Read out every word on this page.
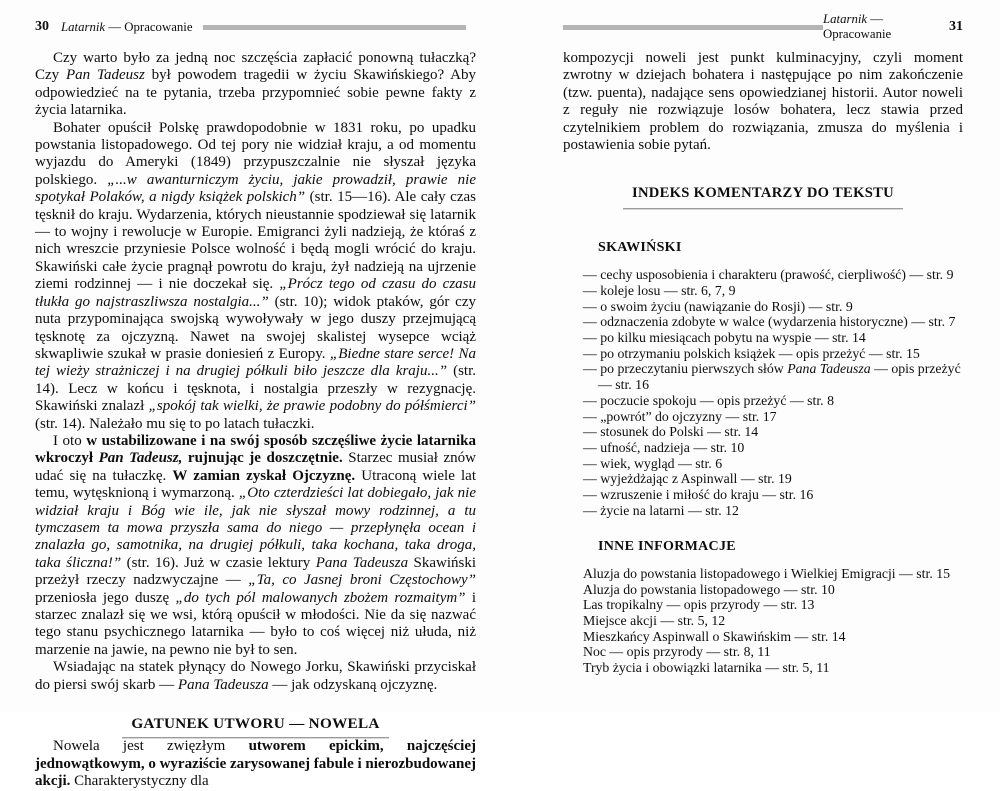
30 Latarnik — Opracowanie

Czy warto było za jedną noc szczęścia zapłacić ponowną tułaczką? Czy Pan Tadeusz był powodem tragedii w życiu Skawińskiego? Aby odpowiedzieć na te pytania, trzeba przypomnieć sobie pewne fakty z życia latarnika.

Bohater opuścił Polskę prawdopodobnie w 1831 roku, po upadku powstania listopadowego. Od tej pory nie widział kraju, a od momentu wyjazdu do Ameryki (1849) przypuszczalnie nie słyszał języka polskiego. „...w awanturniczym życiu, jakie prowadził, prawie nie spotykał Polaków, a nigdy książek polskich” (str. 15—16). Ale cały czas tęsknił do kraju. Wydarzenia, których nieustannie spodziewał się latarnik — to wojny i rewolucje w Europie. Emigranci żyli nadzieją, że któraś z nich wreszcie przyniesie Polsce wolność i będą mogli wrócić do kraju. Skawiński całe życie pragnął powrotu do kraju, żył nadzieją na ujrzenie ziemi rodzinnej — i nie doczekał się. „Prócz tego od czasu do czasu tłukła go najstraszliwsza nostalgia...” (str. 10); widok ptaków, gór czy nuta przypominająca swojską wywoływały w jego duszy przejmującą tęsknotę za ojczyzną. Nawet na swojej skalistej wysepce wciąż skwapliwie szukał w prasie doniesień z Europy. „Biedne stare serce! Na tej wieży strażniczej i na drugiej półkuli biło jeszcze dla kraju...” (str. 14). Lecz w końcu i tęsknota, i nostalgia przeszły w rezygnację. Skawiński znalazł „spokój tak wielki, że prawie podobny do półśmierci” (str. 14). Należało mu się to po latach tułaczki.

I oto w ustabilizowane i na swój sposób szczęśliwe życie latarnika wkroczył Pan Tadeusz, rujnując je doszczętnie. Starzec musiał znów udać się na tułaczkę. W zamian zyskał Ojczyznę. Utraconą wiele lat temu, wytęsknioną i wymarzoną. „Oto czterdzieści lat dobiegało, jak nie widział kraju i Bóg wie ile, jak nie słyszał mowy rodzinnej, a tu tymczasem ta mowa przyszła sama do niego — przepłynęła ocean i znalazła go, samotnika, na drugiej półkuli, taka kochana, taka droga, taka śliczna!” (str. 16). Już w czasie lektury Pana Tadeusza Skawiński przeżył rzeczy nadzwyczajne — „Ta, co Jasnej broni Częstochowy” przeniosła jego duszę „do tych pól malowanych zbożem rozmaitym” i starzec znalazł się we wsi, którą opuścił w młodości. Nie da się nazwać tego stanu psychicznego latarnika — było to coś więcej niż ułuda, niż marzenie na jawie, na pewno nie był to sen.

Wsiadając na statek płynący do Nowego Jorku, Skawiński przyciskał do piersi swój skarb — Pana Tadeusza — jak odzyskaną ojczyznę.

GATUNEK UTWORU — NOWELA

Nowela jest zwięzłym utworem epickim, najczęściej jednowątkowym, o wyraziście zarysowanej fabule i nierozbudowanej akcji. Charakterystyczny dla

Latarnik — Opracowanie	31

kompozycji noweli jest punkt kulminacyjny, czyli moment zwrotny w dziejach bohatera i następujące po nim zakończenie (tzw. puenta), nadające sens opowiedzianej historii. Autor noweli z reguły nie rozwiązuje losów bohatera, lecz stawia przed czytelnikiem problem do rozwiązania, zmusza do myślenia i postawienia sobie pytań.

INDEKS KOMENTARZY DO TEKSTU
SKAWIŃSKI
— cechy usposobienia i charakteru (prawość, cierpliwość) — str. 9
— koleje losu — str. 6, 7, 9
— o swoim życiu (nawiązanie do Rosji) — str. 9
— odznaczenia zdobyte w walce (wydarzenia historyczne) — str. 7
— po kilku miesiącach pobytu na wyspie — str. 14
— po otrzymaniu polskich książek — opis przeżyć — str. 15
— po przeczytaniu pierwszych słów Pana Tadeusza — opis przeżyć — str. 16
— poczucie spokoju — opis przeżyć — str. 8
— „powrót” do ojczyzny — str. 17
— stosunek do Polski — str. 14
— ufność, nadzieja — str. 10
— wiek, wygląd — str. 6
— wyjeżdżając z Aspinwall — str. 19
— wzruszenie i miłość do kraju — str. 16
— życie na latarni — str. 12
INNE INFORMACJE
Aluzja do powstania listopadowego i Wielkiej Emigracji — str. 15
Aluzja do powstania listopadowego — str. 10
Las tropikalny — opis przyrody — str. 13
Miejsce akcji — str. 5, 12
Mieszkańcy Aspinwall o Skawińskim — str. 14
Noc — opis przyrody — str. 8, 11
Tryb życia i obowiązki latarnika — str. 5, 11
